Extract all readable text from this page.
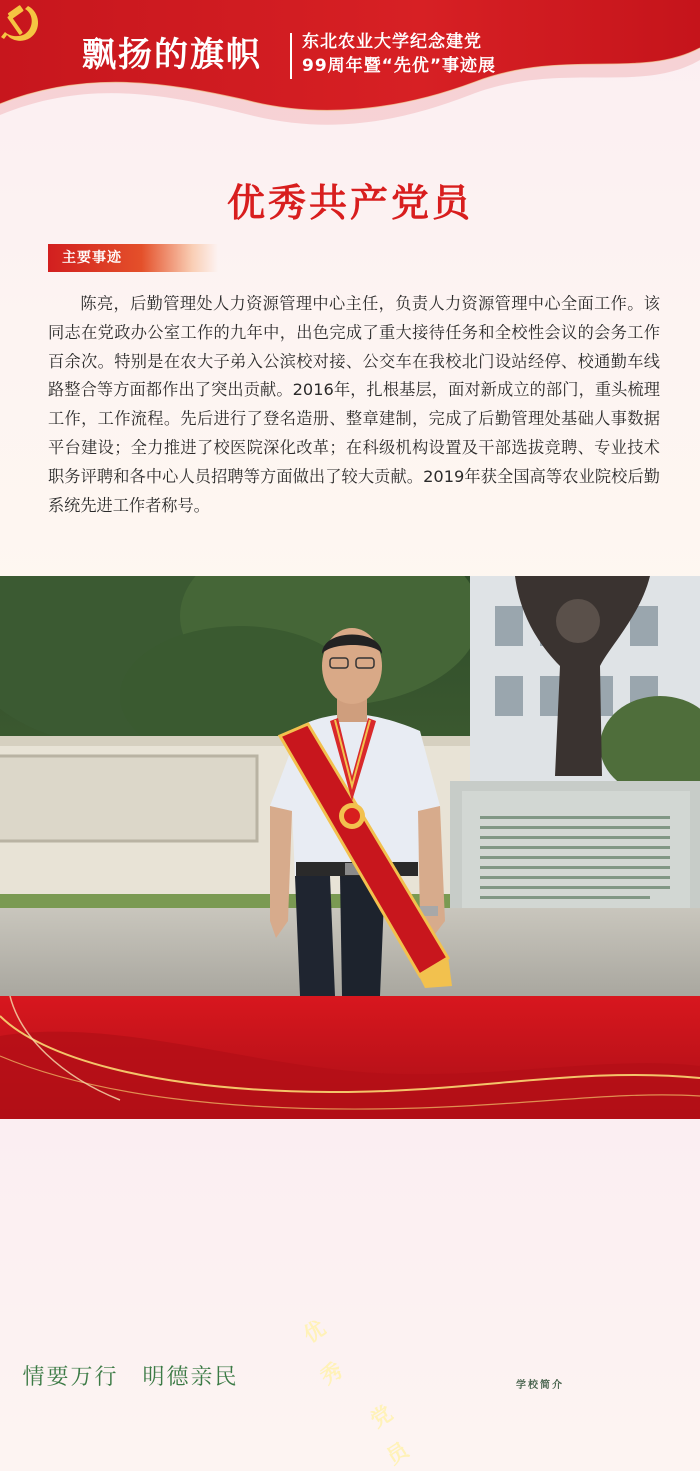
飘扬的旗帜 东北农业大学纪念建党
99周年暨“先优”事迹展
优秀共产党员
主要事迹
陈亮，后勤管理处人力资源管理中心主任，负责人力资源管理中心全面工作。该同志在党政办公室工作的九年中，出色完成了重大接待任务和全校性会议的会务工作百余次。特别是在农大子弟入公滨校对接、公交车在我校北门设站经停、校通勤车线路整合等方面都作出了突出贡献。2016年，扎根基层，面对新成立的部门，重头梳理工作，工作流程。先后进行了登名造册、整章建制，完成了后勤管理处基础人事数据平台建设；全力推进了校医院深化改革；在科级机构设置及干部选拔竞聘、专业技术职务评聘和各中心人员招聘等方面做出了较大贡献。2019年获全国高等农业院校后勤系统先进工作者称号。
情要万行　明德亲民	学校简介
优
秀
党
员
